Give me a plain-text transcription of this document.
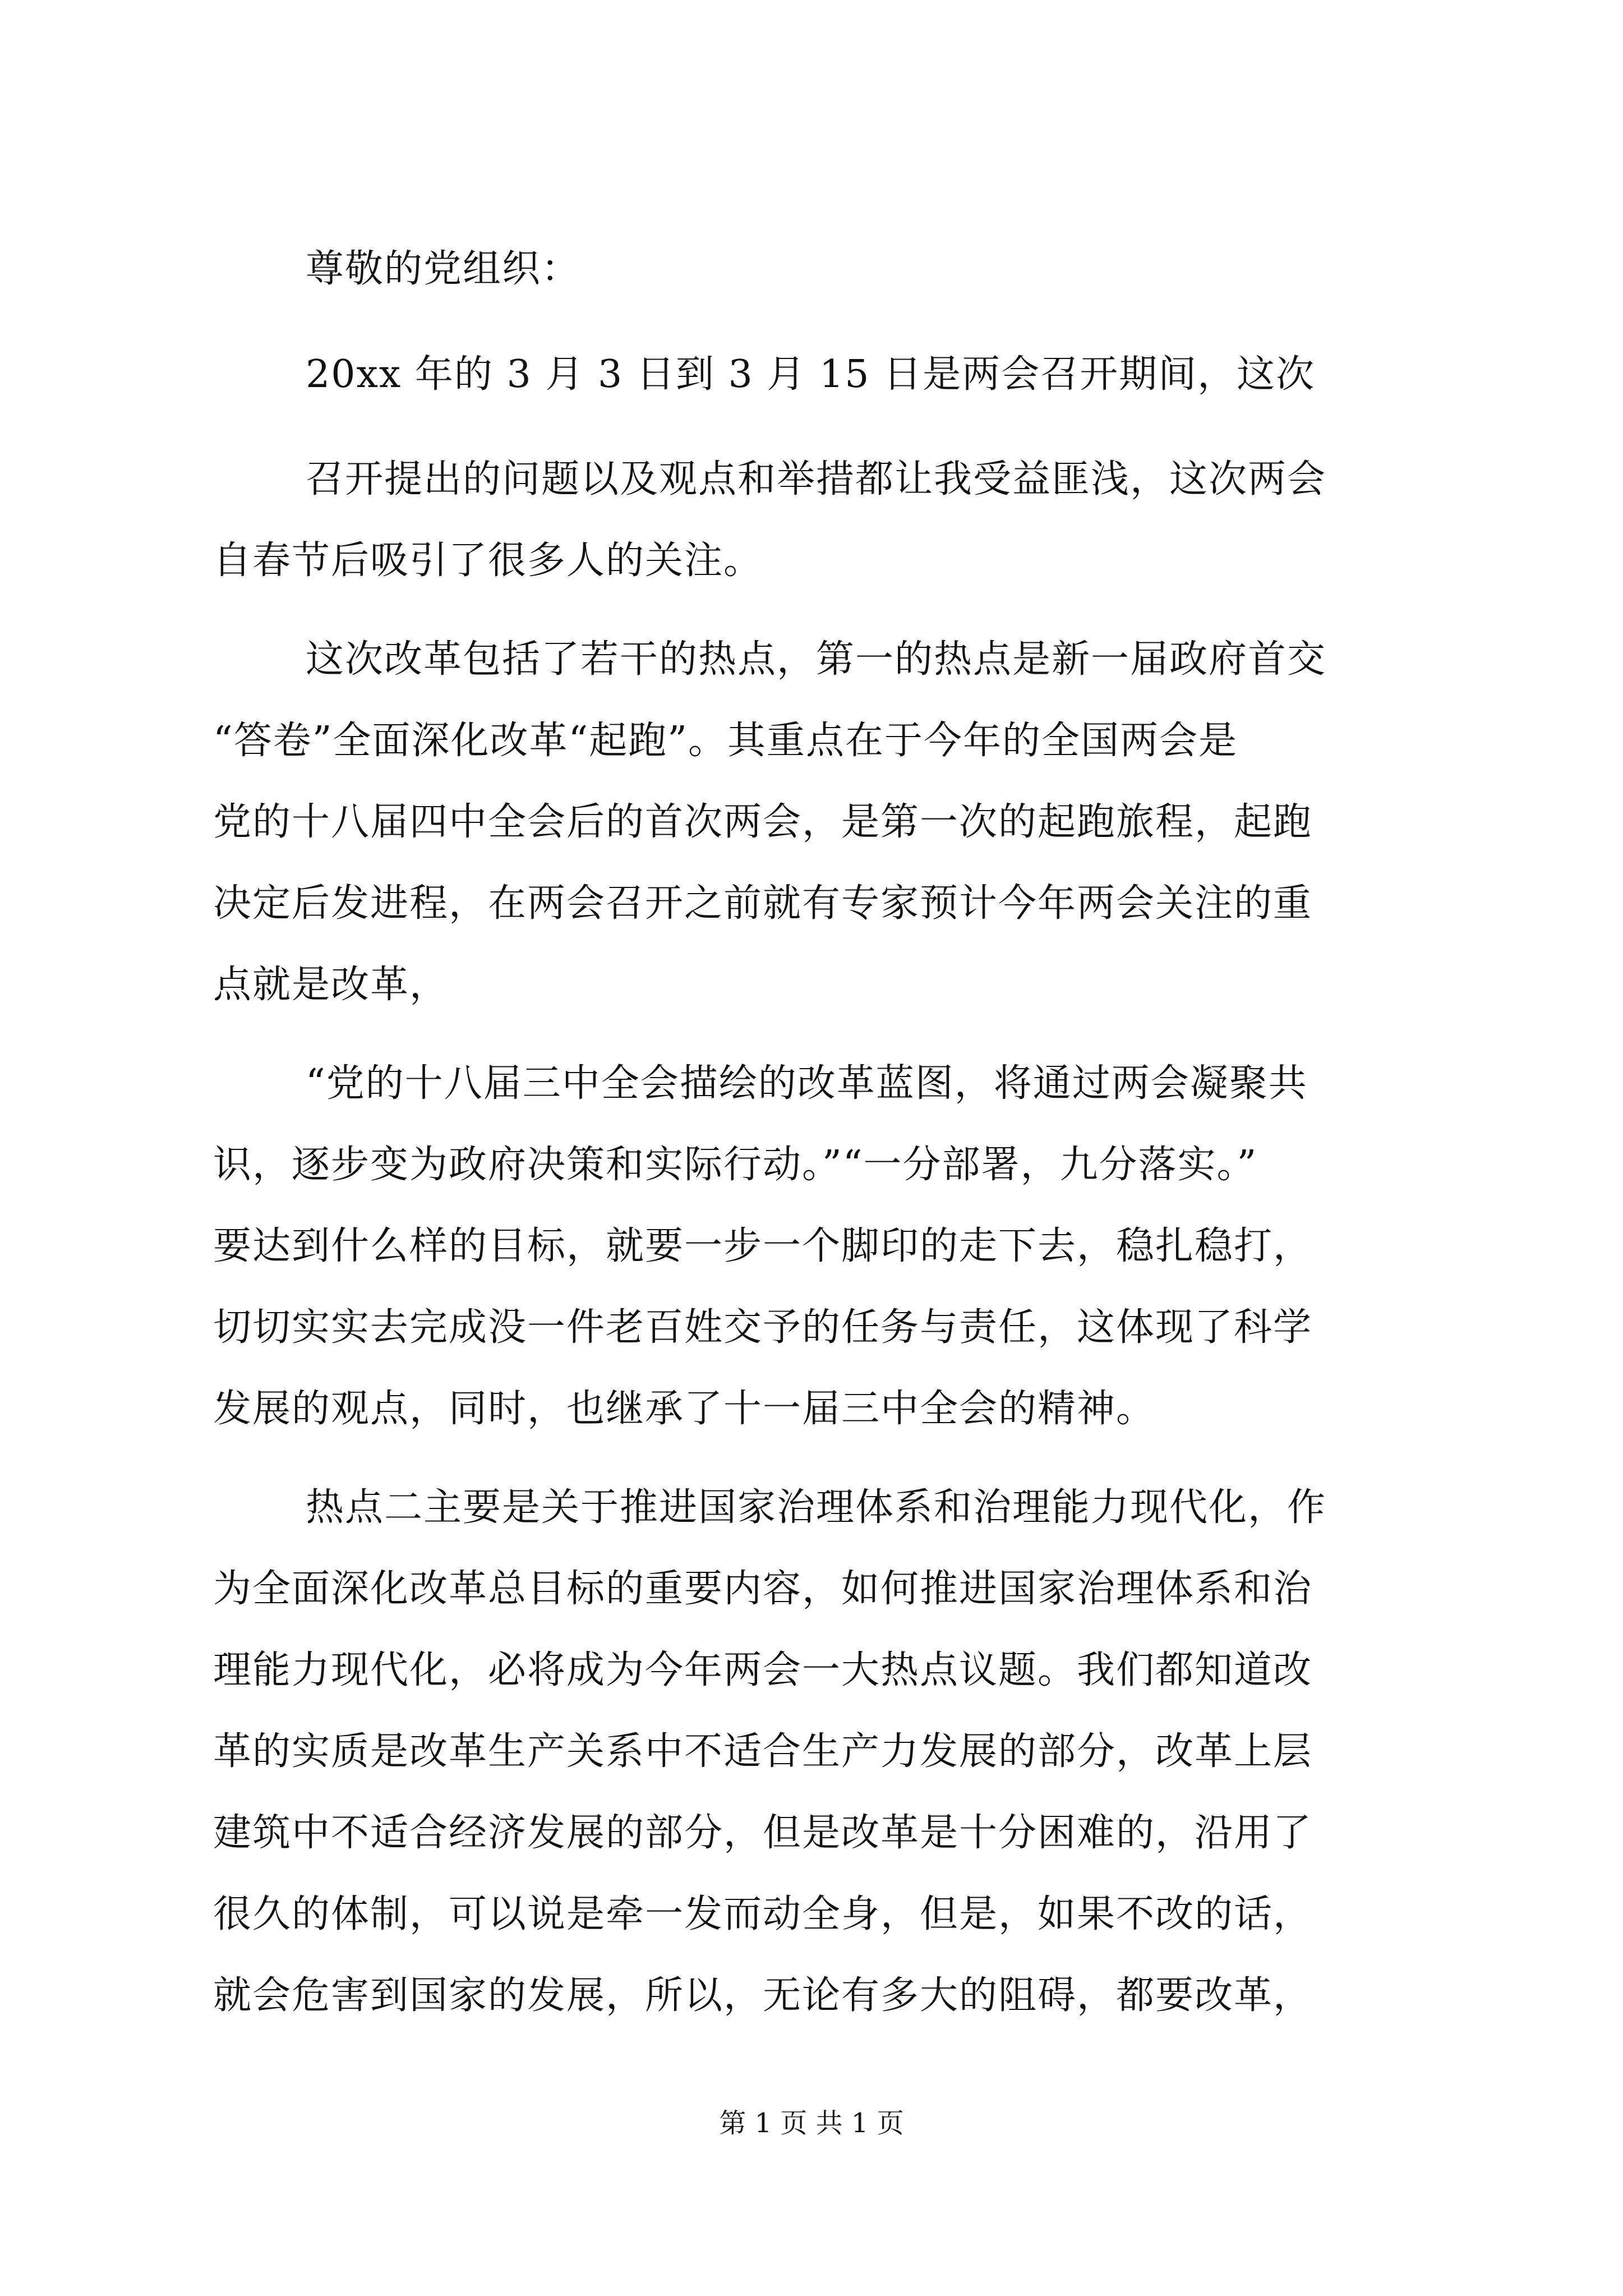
尊敬的党组织：
20xx 年的 3 月 3 日到 3 月 15 日是两会召开期间，这次
召开提出的问题以及观点和举措都让我受益匪浅，这次两会
自春节后吸引了很多人的关注。
这次改革包括了若干的热点，第一的热点是新一届政府首交
“答卷”全面深化改革“起跑”。其重点在于今年的全国两会是
党的十八届四中全会后的首次两会，是第一次的起跑旅程，起跑
决定后发进程，在两会召开之前就有专家预计今年两会关注的重
点就是改革，
“党的十八届三中全会描绘的改革蓝图，将通过两会凝聚共
识，逐步变为政府决策和实际行动。”“一分部署，九分落实。”
要达到什么样的目标，就要一步一个脚印的走下去，稳扎稳打，
切切实实去完成没一件老百姓交予的任务与责任，这体现了科学
发展的观点，同时，也继承了十一届三中全会的精神。
热点二主要是关于推进国家治理体系和治理能力现代化，作
为全面深化改革总目标的重要内容，如何推进国家治理体系和治
理能力现代化，必将成为今年两会一大热点议题。我们都知道改
革的实质是改革生产关系中不适合生产力发展的部分，改革上层
建筑中不适合经济发展的部分，但是改革是十分困难的，沿用了
很久的体制，可以说是牵一发而动全身，但是，如果不改的话，
就会危害到国家的发展，所以，无论有多大的阻碍，都要改革，
第 1 页 共 1 页
